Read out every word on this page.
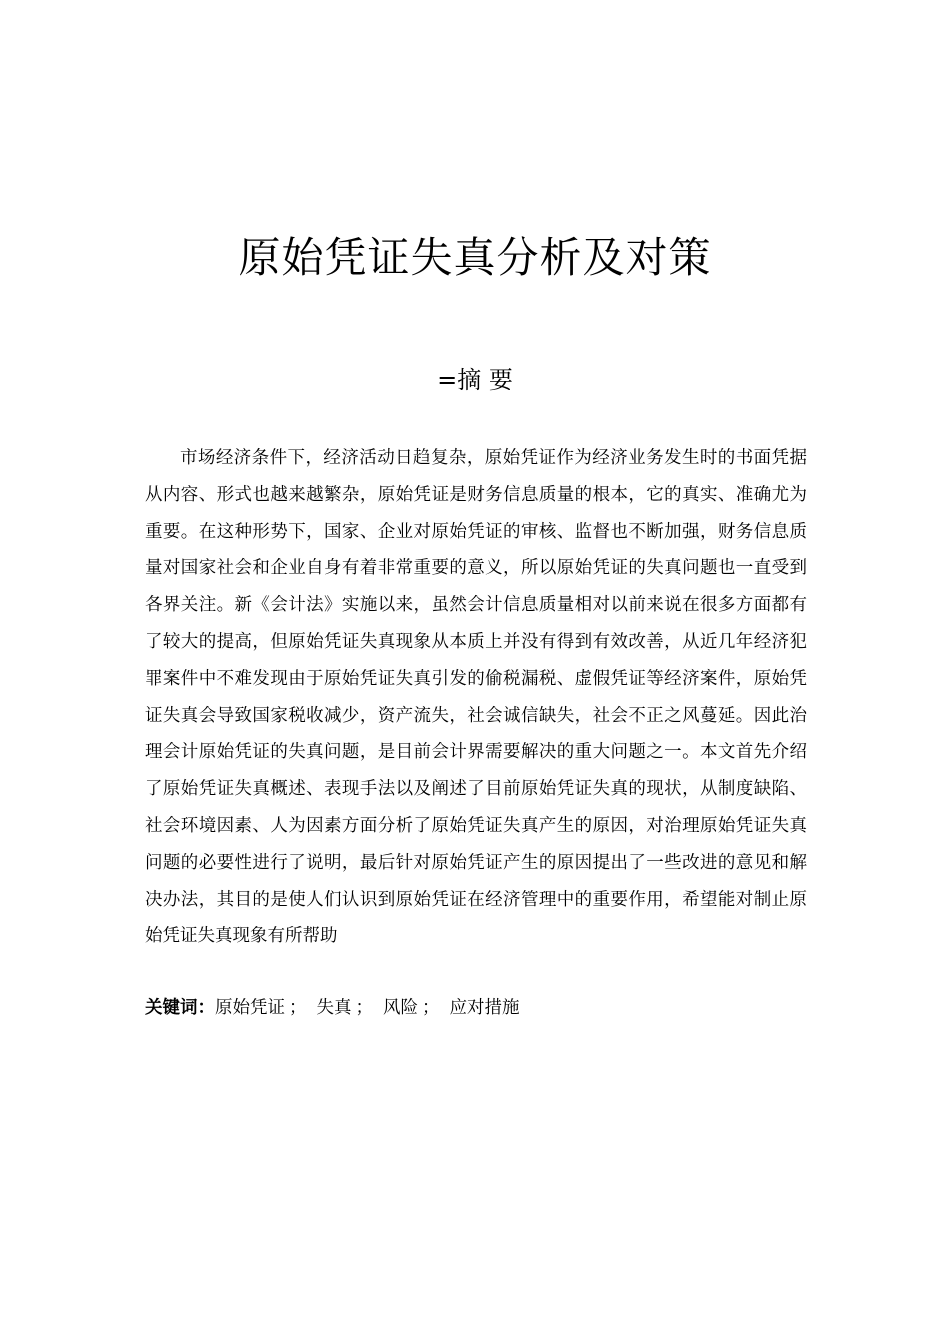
原始凭证失真分析及对策
=摘 要

市场经济条件下，经济活动日趋复杂，原始凭证作为经济业务发生时的书面凭据从内容、形式也越来越繁杂，原始凭证是财务信息质量的根本，它的真实、准确尤为重要。在这种形势下，国家、企业对原始凭证的审核、监督也不断加强，财务信息质量对国家社会和企业自身有着非常重要的意义，所以原始凭证的失真问题也一直受到各界关注。新《会计法》实施以来，虽然会计信息质量相对以前来说在很多方面都有了较大的提高，但原始凭证失真现象从本质上并没有得到有效改善，从近几年经济犯罪案件中不难发现由于原始凭证失真引发的偷税漏税、虚假凭证等经济案件，原始凭证失真会导致国家税收减少，资产流失，社会诚信缺失，社会不正之风蔓延。因此治理会计原始凭证的失真问题，是目前会计界需要解决的重大问题之一。本文首先介绍了原始凭证失真概述、表现手法以及阐述了目前原始凭证失真的现状，从制度缺陷、社会环境因素、人为因素方面分析了原始凭证失真产生的原因，对治理原始凭证失真问题的必要性进行了说明，最后针对原始凭证产生的原因提出了一些改进的意见和解决办法，其目的是使人们认识到原始凭证在经济管理中的重要作用，希望能对制止原始凭证失真现象有所帮助

关键词：原始凭证 ； 失真 ； 风险 ； 应对措施
